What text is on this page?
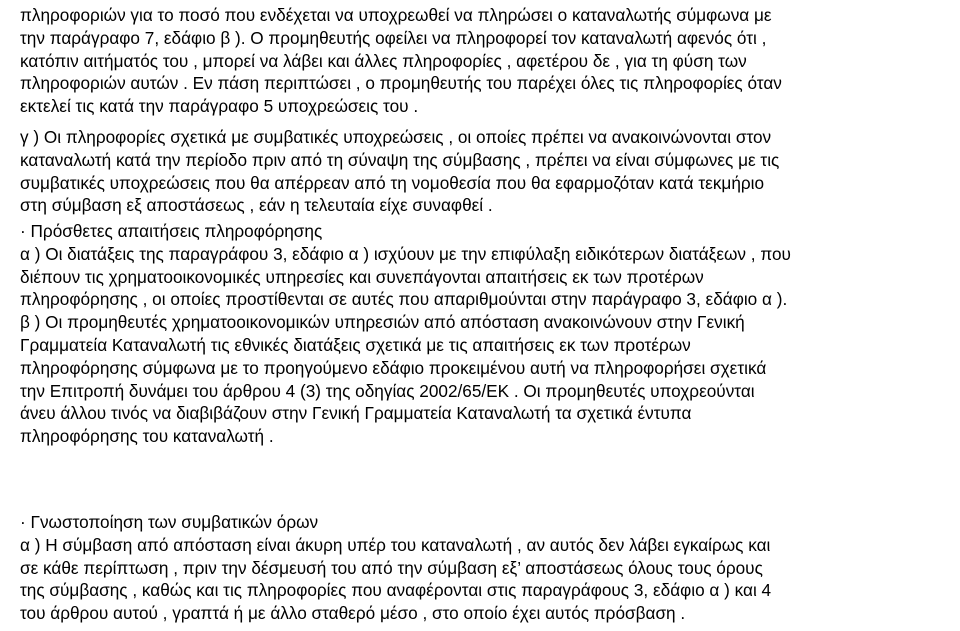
πληροφοριών για το ποσό που ενδέχεται να υποχρεωθεί να πληρώσει ο καταναλωτής σύμφωνα με
την παράγραφο 7, εδάφιο β ). Ο προμηθευτής οφείλει να πληροφορεί τον καταναλωτή αφενός ότι ,
κατόπιν αιτήματός του , μπορεί να λάβει και άλλες πληροφορίες , αφετέρου δε , για τη φύση των
πληροφοριών αυτών . Εν πάση περιπτώσει , ο προμηθευτής του παρέχει όλες τις πληροφορίες όταν
εκτελεί τις κατά την παράγραφο 5 υποχρεώσεις του .
γ ) Οι πληροφορίες σχετικά με συμβατικές υποχρεώσεις , οι οποίες πρέπει να ανακοινώνονται στον
καταναλωτή κατά την περίοδο πριν από τη σύναψη της σύμβασης , πρέπει να είναι σύμφωνες με τις
συμβατικές υποχρεώσεις που θα απέρρεαν από τη νομοθεσία που θα εφαρμοζόταν κατά τεκμήριο
στη σύμβαση εξ αποστάσεως , εάν η τελευταία είχε συναφθεί .
· Πρόσθετες απαιτήσεις πληροφόρησης
α ) Οι διατάξεις της παραγράφου 3, εδάφιο α ) ισχύουν με την επιφύλαξη ειδικότερων διατάξεων , που
διέπουν τις χρηματοοικονομικές υπηρεσίες και συνεπάγονται απαιτήσεις εκ των προτέρων
πληροφόρησης , οι οποίες προστίθενται σε αυτές που απαριθμούνται στην παράγραφο 3, εδάφιο α ).
β ) Οι προμηθευτές χρηματοοικονομικών υπηρεσιών από απόσταση ανακοινώνουν στην Γενική
Γραμματεία Καταναλωτή τις εθνικές διατάξεις σχετικά με τις απαιτήσεις εκ των προτέρων
πληροφόρησης σύμφωνα με το προηγούμενο εδάφιο προκειμένου αυτή να πληροφορήσει σχετικά
την Επιτροπή δυνάμει του άρθρου 4 (3) της οδηγίας 2002/65/ΕΚ . Οι προμηθευτές υποχρεούνται
άνευ άλλου τινός να διαβιβάζουν στην Γενική Γραμματεία Καταναλωτή τα σχετικά έντυπα
πληροφόρησης του καταναλωτή .
· Γνωστοποίηση των συμβατικών όρων
α ) Η σύμβαση από απόσταση είναι άκυρη υπέρ του καταναλωτή , αν αυτός δεν λάβει εγκαίρως και
σε κάθε περίπτωση , πριν την δέσμευσή του από την σύμβαση εξ’ αποστάσεως όλους τους όρους
της σύμβασης , καθώς και τις πληροφορίες που αναφέρονται στις παραγράφους 3, εδάφιο α ) και 4
του άρθρου αυτού , γραπτά ή με άλλο σταθερό μέσο , στο οποίο έχει αυτός πρόσβαση .
